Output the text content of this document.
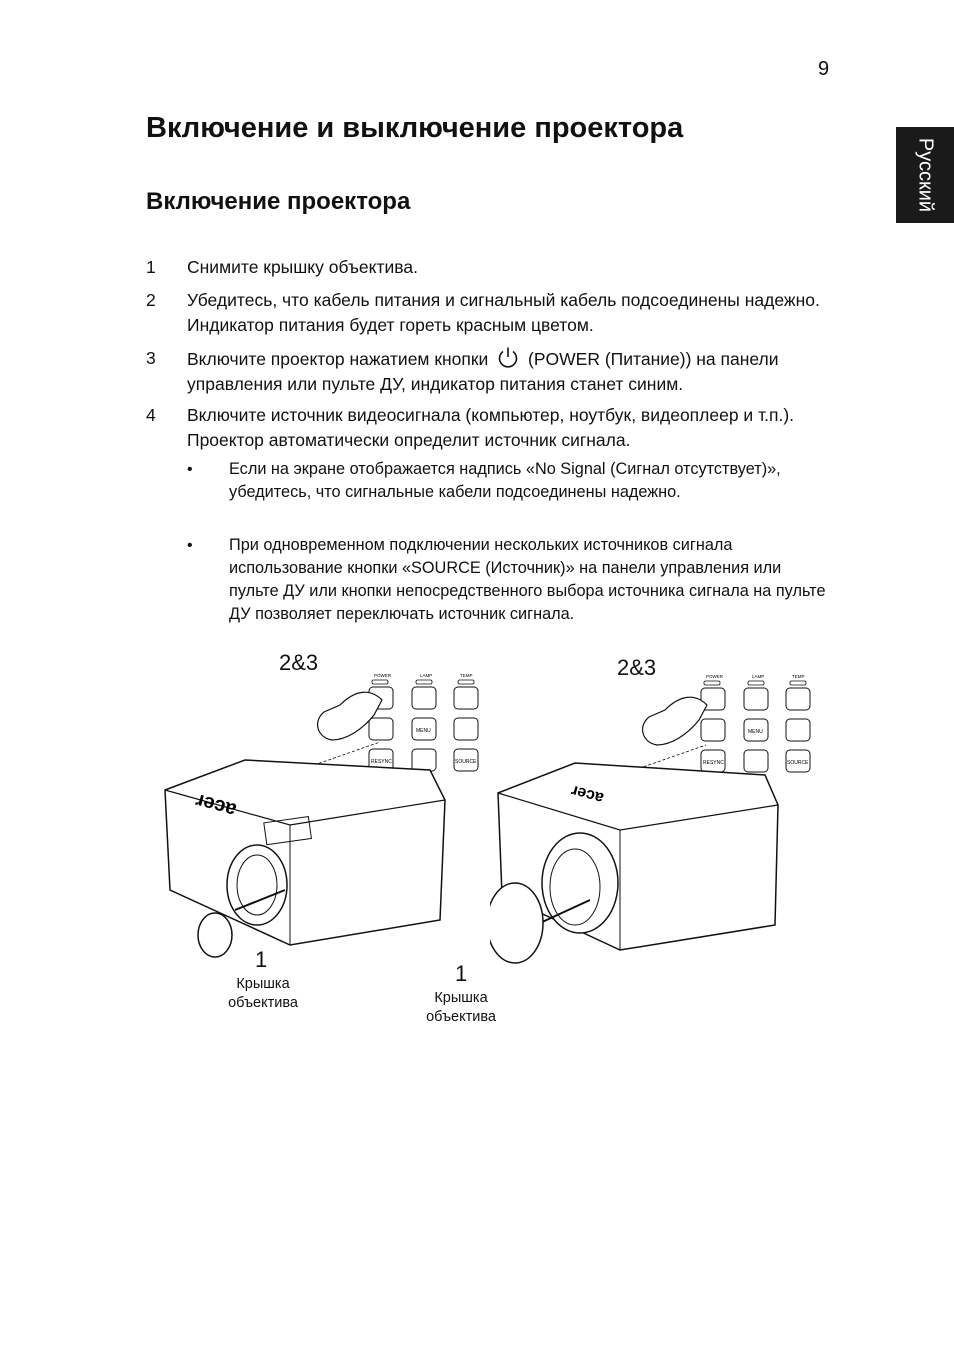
9
Русский
Включение и выключение проектора
Включение проектора
1 Снимите крышку объектива.
2 Убедитесь, что кабель питания и сигнальный кабель подсоединены надежно. Индикатор питания будет гореть красным цветом.
3 Включите проектор нажатием кнопки (POWER (Питание)) на панели управления или пульте ДУ, индикатор питания станет синим.
4 Включите источник видеосигнала (компьютер, ноутбук, видеоплеер и т.п.). Проектор автоматически определит источник сигнала.
• Если на экране отображается надпись «No Signal (Сигнал отсутствует)», убедитесь, что сигнальные кабели подсоединены надежно.
• При одновременном подключении нескольких источников сигнала использование кнопки «SOURCE (Источник)» на панели управления или пульте ДУ или кнопки непосредственного выбора источника сигнала на пульте ДУ позволяет переключать источник сигнала.
2&3	2&3
1
1
Крышка
объектива	Крышка
объектива
POWER	LAMP	TEMP
MENU
RESYNC	SOURCE
acer
POWER	LAMP	TEMP
MENU
RESYNC	SOURCE
acer
